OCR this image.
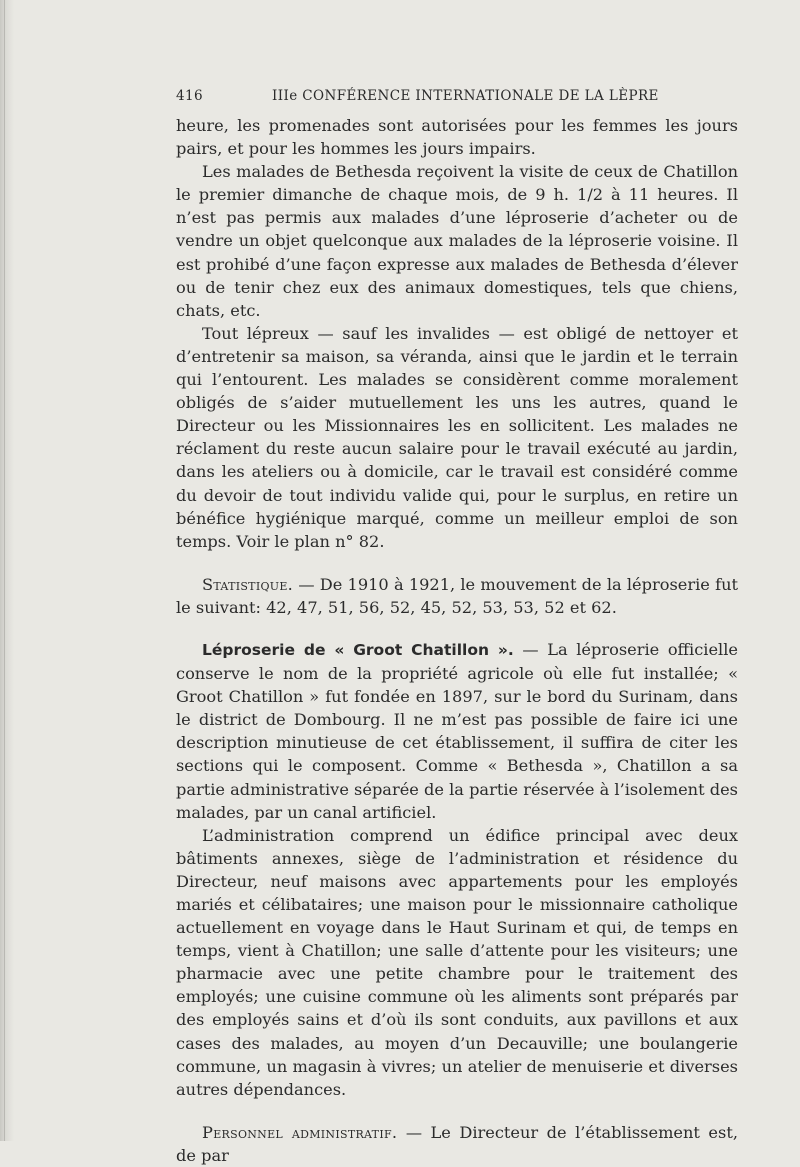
416	IIIe CONFÉRENCE INTERNATIONALE DE LA LÈPRE

heure, les promenades sont autorisées pour les femmes les jours pairs, et pour les hommes les jours impairs.

Les malades de Bethesda reçoivent la visite de ceux de Chatillon le premier dimanche de chaque mois, de 9 h. 1/2 à 11 heures. Il n’est pas permis aux malades d’une léproserie d’acheter ou de vendre un objet quelconque aux malades de la léproserie voisine. Il est prohibé d’une façon expresse aux malades de Bethesda d’élever ou de tenir chez eux des animaux domestiques, tels que chiens, chats, etc.

Tout lépreux — sauf les invalides — est obligé de nettoyer et d’entretenir sa maison, sa véranda, ainsi que le jardin et le terrain qui l’entourent. Les malades se considèrent comme moralement obligés de s’aider mutuellement les uns les autres, quand le Directeur ou les Missionnaires les en sollicitent. Les malades ne réclament du reste aucun salaire pour le travail exécuté au jardin, dans les ateliers ou à domicile, car le travail est considéré comme du devoir de tout individu valide qui, pour le surplus, en retire un bénéfice hygiénique marqué, comme un meilleur emploi de son temps. Voir le plan n° 82.

Statistique. — De 1910 à 1921, le mouvement de la léproserie fut le suivant: 42, 47, 51, 56, 52, 45, 52, 53, 53, 52 et 62.

Léproserie de « Groot Chatillon ». — La léproserie officielle conserve le nom de la propriété agricole où elle fut installée; « Groot Chatillon » fut fondée en 1897, sur le bord du Surinam, dans le district de Dombourg. Il ne m’est pas possible de faire ici une description minutieuse de cet établissement, il suffira de citer les sections qui le composent. Comme « Bethesda », Chatillon a sa partie administrative séparée de la partie réservée à l’isolement des malades, par un canal artificiel.

L’administration comprend un édifice principal avec deux bâtiments annexes, siège de l’administration et résidence du Directeur, neuf maisons avec appartements pour les employés mariés et célibataires; une maison pour le missionnaire catholique actuellement en voyage dans le Haut Surinam et qui, de temps en temps, vient à Chatillon; une salle d’attente pour les visiteurs; une pharmacie avec une petite chambre pour le traitement des employés; une cuisine commune où les aliments sont préparés par des employés sains et d’où ils sont conduits, aux pavillons et aux cases des malades, au moyen d’un Decauville; une boulangerie commune, un magasin à vivres; un atelier de menuiserie et diverses autres dépendances.

Personnel administratif. — Le Directeur de l’établissement est, de par
